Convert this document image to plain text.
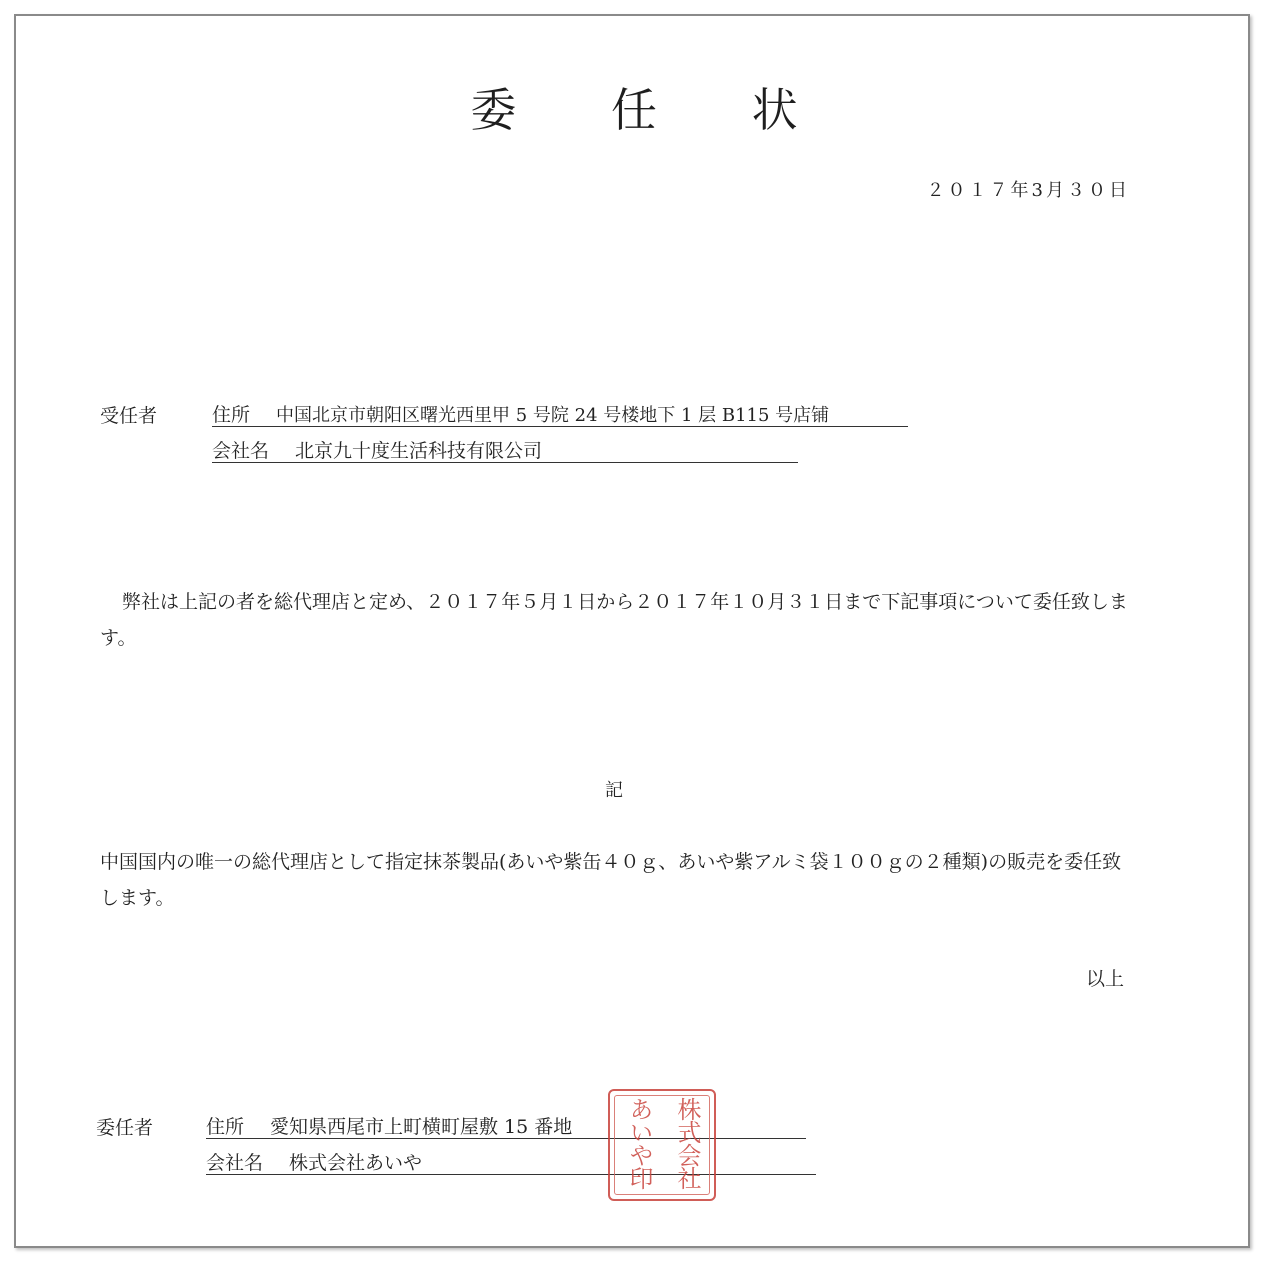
委 任 状
２０１７年3月３０日
受任者	住所 中国北京市朝阳区曙光西里甲 5 号院 24 号楼地下 1 层 B115 号店铺
会社名 北京九十度生活科技有限公司
弊社は上記の者を総代理店と定め、２０１７年５月１日から２０１７年１０月３１日まで下記事項について委任致します。
記
中国国内の唯一の総代理店として指定抹茶製品(あいや紫缶４０ｇ、あいや紫アルミ袋１００ｇの２種類)の販売を委任致します。
以上
委任者	住所 愛知県西尾市上町横町屋敷 15 番地
会社名 株式会社あいや
株式会社
あいや印
